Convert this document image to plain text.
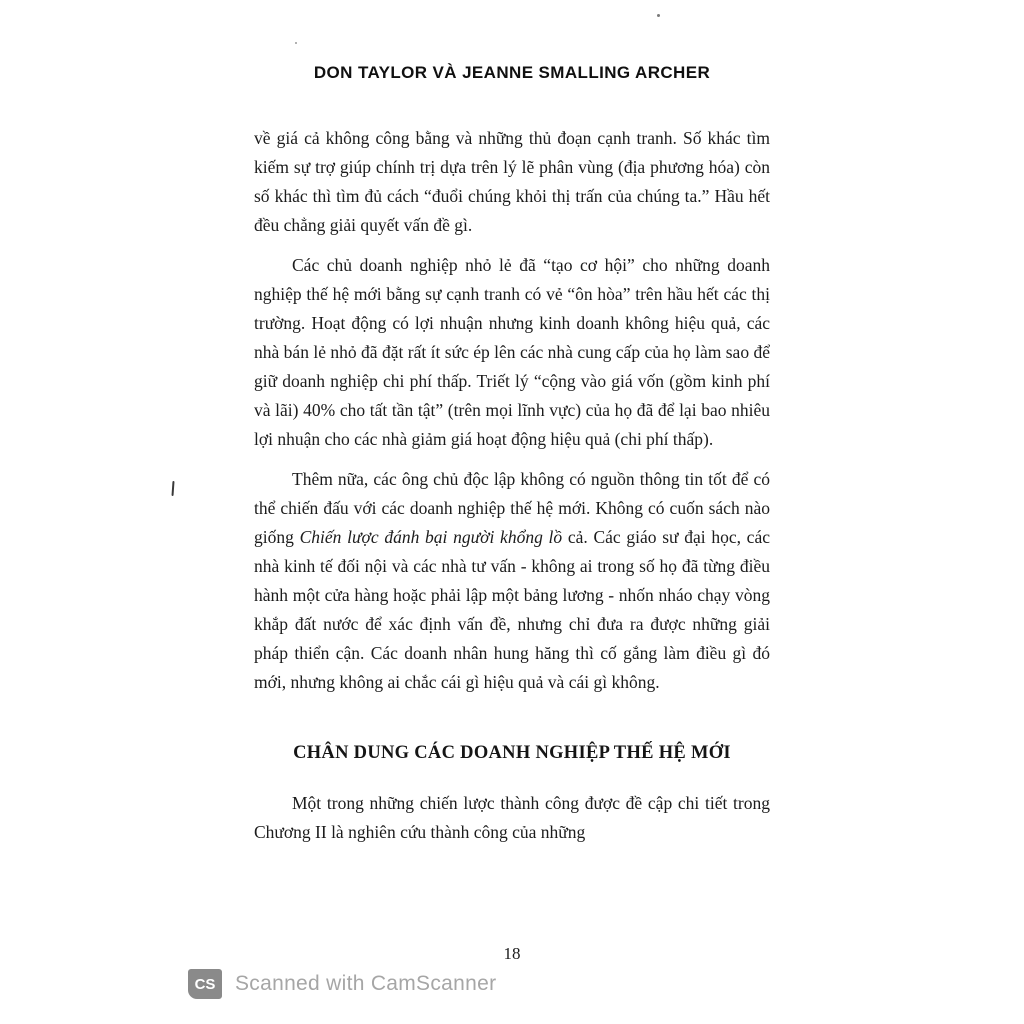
DON TAYLOR VÀ JEANNE SMALLING ARCHER

về giá cả không công bằng và những thủ đoạn cạnh tranh. Số khác tìm kiếm sự trợ giúp chính trị dựa trên lý lẽ phân vùng (địa phương hóa) còn số khác thì tìm đủ cách “đuổi chúng khỏi thị trấn của chúng ta.” Hầu hết đều chẳng giải quyết vấn đề gì.

Các chủ doanh nghiệp nhỏ lẻ đã “tạo cơ hội” cho những doanh nghiệp thế hệ mới bằng sự cạnh tranh có vẻ “ôn hòa” trên hầu hết các thị trường. Hoạt động có lợi nhuận nhưng kinh doanh không hiệu quả, các nhà bán lẻ nhỏ đã đặt rất ít sức ép lên các nhà cung cấp của họ làm sao để giữ doanh nghiệp chi phí thấp. Triết lý “cộng vào giá vốn (gồm kinh phí và lãi) 40% cho tất tần tật” (trên mọi lĩnh vực) của họ đã để lại bao nhiêu lợi nhuận cho các nhà giảm giá hoạt động hiệu quả (chi phí thấp).

Thêm nữa, các ông chủ độc lập không có nguồn thông tin tốt để có thể chiến đấu với các doanh nghiệp thế hệ mới. Không có cuốn sách nào giống Chiến lược đánh bại người khổng lồ cả. Các giáo sư đại học, các nhà kinh tế đối nội và các nhà tư vấn - không ai trong số họ đã từng điều hành một cửa hàng hoặc phải lập một bảng lương - nhốn nháo chạy vòng khắp đất nước để xác định vấn đề, nhưng chỉ đưa ra được những giải pháp thiển cận. Các doanh nhân hung hăng thì cố gắng làm điều gì đó mới, nhưng không ai chắc cái gì hiệu quả và cái gì không.

CHÂN DUNG CÁC DOANH NGHIỆP THẾ HỆ MỚI

Một trong những chiến lược thành công được đề cập chi tiết trong Chương II là nghiên cứu thành công của những

18
CS Scanned with CamScanner
